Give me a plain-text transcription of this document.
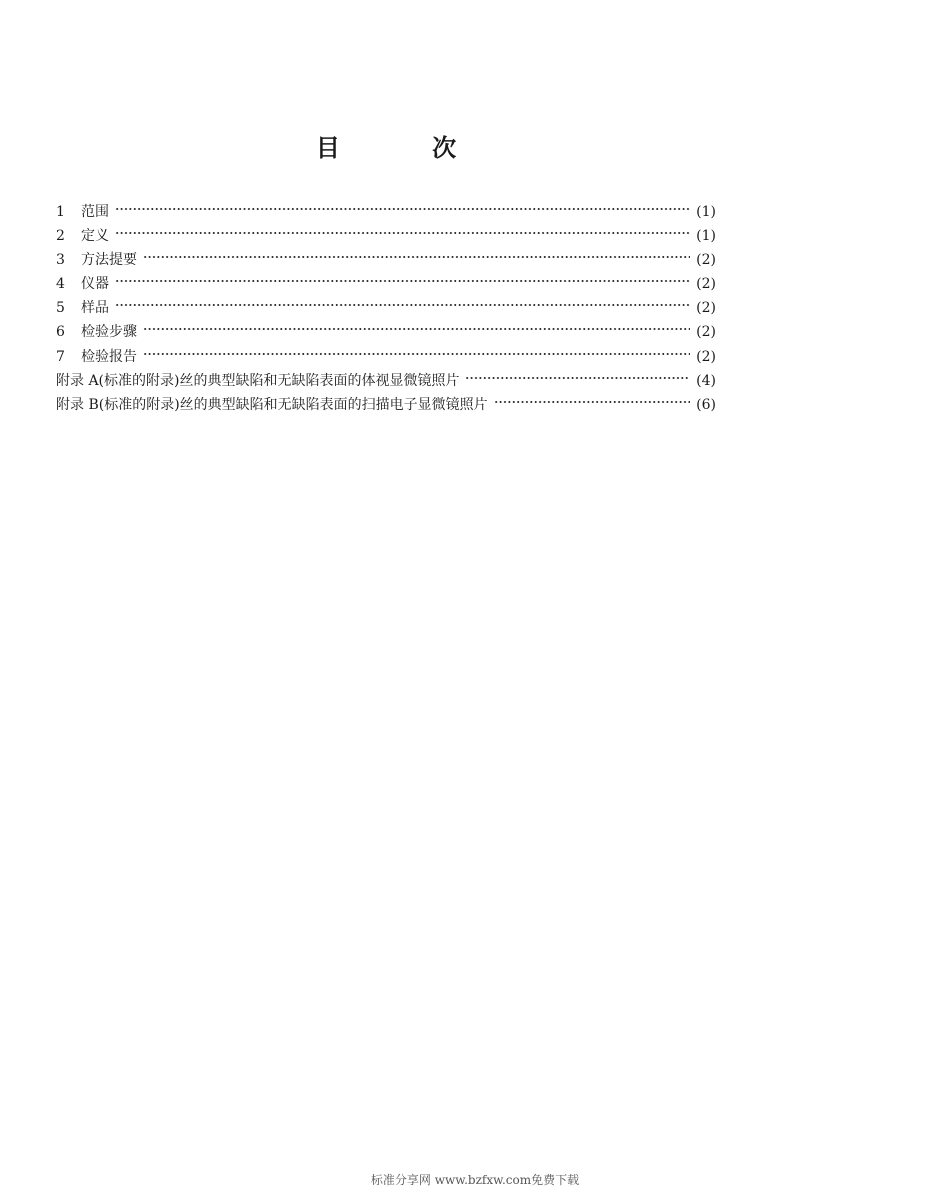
目 次
1	范围	(1)
2	定义	(1)
3	方法提要	(2)
4	仪器	(2)
5	样品	(2)
6	检验步骤	(2)
7	检验报告	(2)
附录 A(标准的附录)丝的典型缺陷和无缺陷表面的体视显微镜照片	(4)
附录 B(标准的附录)丝的典型缺陷和无缺陷表面的扫描电子显微镜照片	(6)
标准分享网 www.bzfxw.com免费下载
